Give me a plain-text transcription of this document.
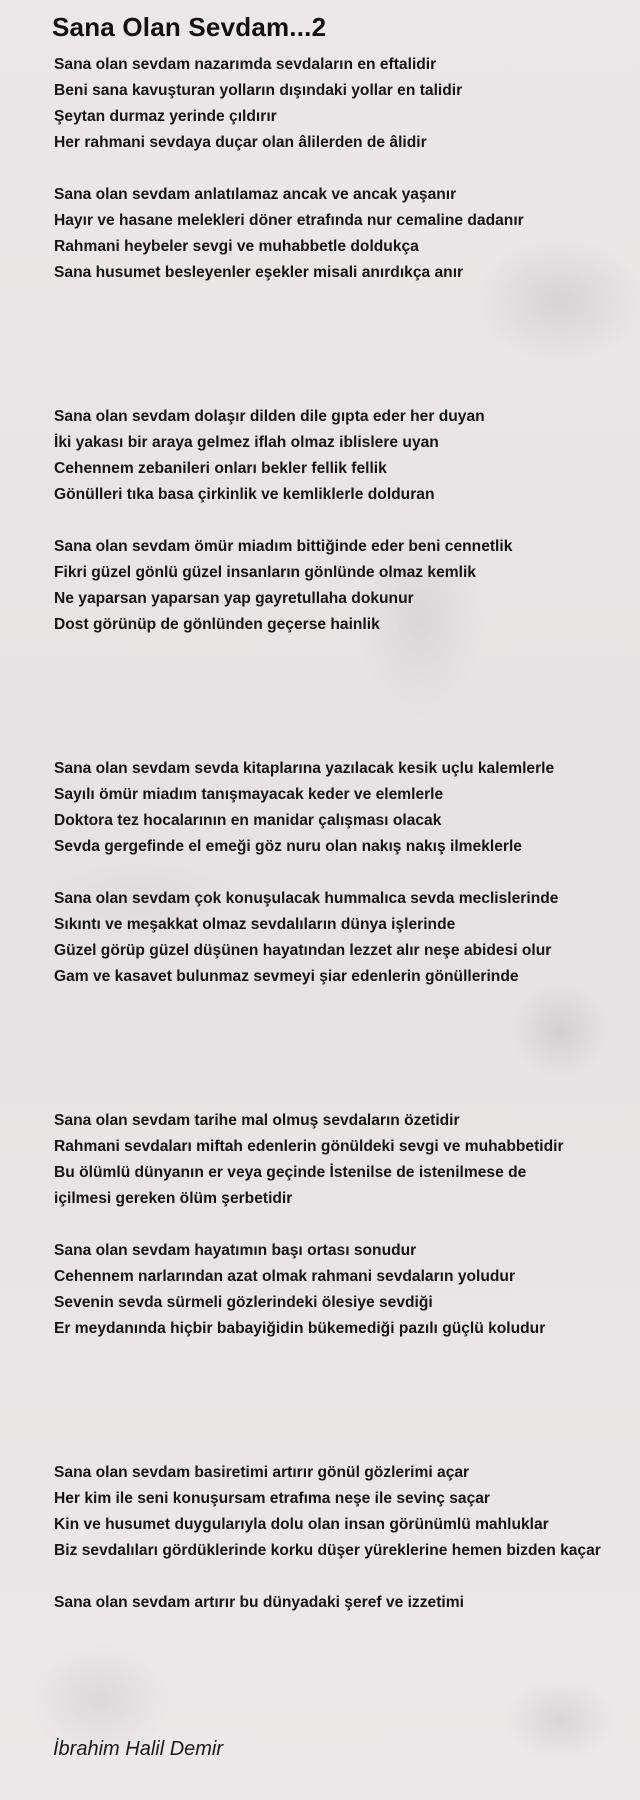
Sana Olan Sevdam...2
Sana olan sevdam nazarımda sevdaların en eftalidir
Beni sana kavuşturan yolların dışındaki yollar en talidir
Şeytan durmaz yerinde çıldırır
Her rahmani sevdaya duçar olan âlilerden de âlidir
Sana olan sevdam anlatılamaz ancak ve ancak yaşanır
Hayır ve hasane melekleri döner etrafında nur cemaline dadanır
Rahmani heybeler sevgi ve muhabbetle doldukça
Sana husumet besleyenler eşekler misali anırdıkça anır
Sana olan sevdam dolaşır dilden dile gıpta eder her duyan
İki yakası bir araya gelmez iflah olmaz iblislere uyan
Cehennem zebanileri onları bekler fellik fellik
Gönülleri tıka basa çirkinlik ve kemliklerle dolduran
Sana olan sevdam ömür miadım bittiğinde eder beni cennetlik
Fikri güzel gönlü güzel insanların gönlünde olmaz kemlik
Ne yaparsan yaparsan yap gayretullaha dokunur
Dost görünüp de gönlünden geçerse hainlik
Sana olan sevdam sevda kitaplarına yazılacak kesik uçlu kalemlerle
Sayılı ömür miadım tanışmayacak keder ve elemlerle
Doktora tez hocalarının en manidar çalışması olacak
Sevda gergefinde el emeği göz nuru olan nakış nakış ilmeklerle
Sana olan sevdam çok konuşulacak hummalıca sevda meclislerinde
Sıkıntı ve meşakkat olmaz sevdalıların dünya işlerinde
Güzel görüp güzel düşünen hayatından lezzet alır neşe abidesi olur
Gam ve kasavet bulunmaz sevmeyi şiar edenlerin gönüllerinde
Sana olan sevdam tarihe mal olmuş sevdaların özetidir
Rahmani sevdaları miftah edenlerin gönüldeki sevgi ve muhabbetidir
Bu ölümlü dünyanın er veya geçinde İstenilse de istenilmese de
içilmesi gereken ölüm şerbetidir
Sana olan sevdam hayatımın başı ortası sonudur
Cehennem narlarından azat olmak rahmani sevdaların yoludur
Sevenin sevda sürmeli gözlerindeki ölesiye sevdiği
Er meydanında hiçbir babayiğidin bükemediği pazılı güçlü koludur
Sana olan sevdam basiretimi artırır gönül gözlerimi açar
Her kim ile seni konuşursam etrafıma neşe ile sevinç saçar
Kin ve husumet duygularıyla dolu olan insan görünümlü mahluklar
Biz sevdalıları gördüklerinde korku düşer yüreklerine hemen bizden kaçar
Sana olan sevdam artırır bu dünyadaki şeref ve izzetimi
İbrahim Halil Demir
